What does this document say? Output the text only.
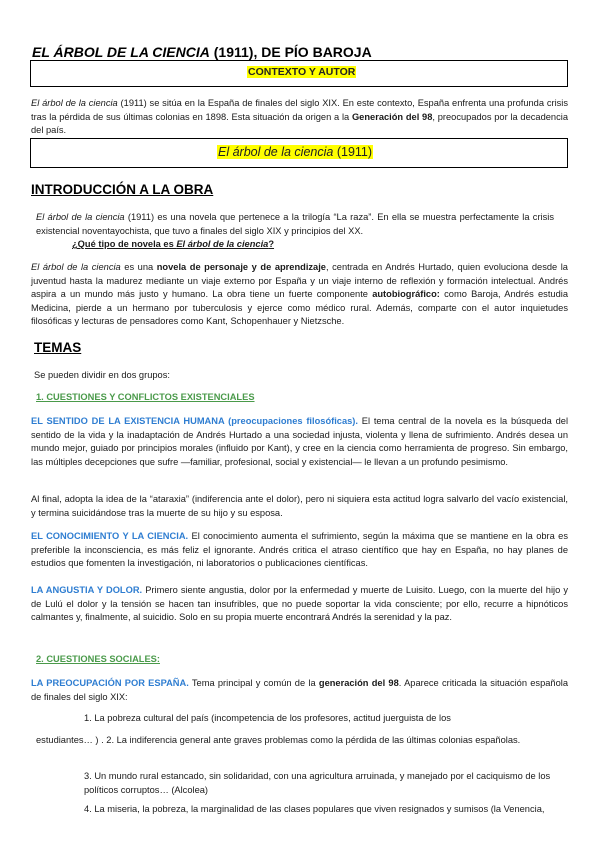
EL ÁRBOL DE LA CIENCIA (1911), DE PÍO BAROJA
CONTEXTO Y AUTOR
El árbol de la ciencia (1911) se sitúa en la España de finales del siglo XIX. En este contexto, España enfrenta una profunda crisis tras la pérdida de sus últimas colonias en 1898. Esta situación da origen a la Generación del 98, preocupados por la decadencia del país.
El árbol de la ciencia (1911)
INTRODUCCIÓN A LA OBRA
El árbol de la ciencia (1911) es una novela que pertenece a la trilogía “La raza”. En ella se muestra perfectamente la crisis existencial noventayochista, que tuvo a finales del siglo XIX y principios del XX.
¿Qué tipo de novela es El árbol de la ciencia?
El árbol de la ciencia es una novela de personaje y de aprendizaje, centrada en Andrés Hurtado, quien evoluciona desde la juventud hasta la madurez mediante un viaje externo por España y un viaje interno de reflexión y formación intelectual. Andrés aspira a un mundo más justo y humano. La obra tiene un fuerte componente autobiográfico: como Baroja, Andrés estudia Medicina, pierde a un hermano por tuberculosis y ejerce como médico rural. Además, comparte con el autor inquietudes filosóficas y lecturas de pensadores como Kant, Schopenhauer y Nietzsche.
TEMAS
Se pueden dividir en dos grupos:
1. CUESTIONES Y CONFLICTOS EXISTENCIALES
EL SENTIDO DE LA EXISTENCIA HUMANA (preocupaciones filosóficas). El tema central de la novela es la búsqueda del sentido de la vida y la inadaptación de Andrés Hurtado a una sociedad injusta, violenta y llena de sufrimiento. Andrés desea un mundo mejor, guiado por principios morales (influido por Kant), y cree en la ciencia como herramienta de progreso. Sin embargo, las múltiples decepciones que sufre —familiar, profesional, social y existencial— le llevan a un profundo pesimismo.
Al final, adopta la idea de la “ataraxia” (indiferencia ante el dolor), pero ni siquiera esta actitud logra salvarlo del vacío existencial, y termina suicidándose tras la muerte de su hijo y su esposa.
EL CONOCIMIENTO Y LA CIENCIA. El conocimiento aumenta el sufrimiento, según la máxima que se mantiene en la obra es preferible la inconsciencia, es más feliz el ignorante. Andrés critica el atraso científico que hay en España, no hay planes de estudios que fomenten la investigación, ni laboratorios o publicaciones científicas.
LA ANGUSTIA Y DOLOR. Primero siente angustia, dolor por la enfermedad y muerte de Luisito. Luego, con la muerte del hijo y de Lulú el dolor y la tensión se hacen tan insufribles, que no puede soportar la vida consciente; por ello, recurre a hipnóticos calmantes y, finalmente, al suicidio. Solo en su propia muerte encontrará Andrés la serenidad y la paz.
2. CUESTIONES SOCIALES:
LA PREOCUPACIÓN POR ESPAÑA. Tema principal y común de la generación del 98. Aparece criticada la situación española de finales del siglo XIX:
1. La pobreza cultural del país (incompetencia de los profesores, actitud juerguista de los
estudiantes… ) . 2. La indiferencia general ante graves problemas como la pérdida de las últimas colonias españolas.
3. Un mundo rural estancado, sin solidaridad, con una agricultura arruinada, y manejado por el caciquismo de los políticos corruptos… (Alcolea)
4. La miseria, la pobreza, la marginalidad de las clases populares que viven resignados y sumisos (la Venencia,
